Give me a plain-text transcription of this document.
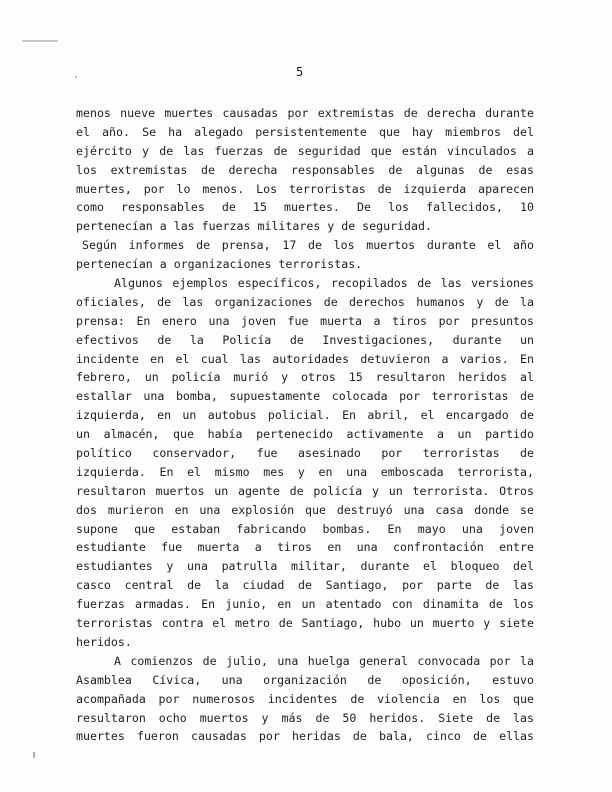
5
menos nueve muertes causadas por extremistas de derecha durante
el año. Se ha alegado persistentemente que hay miembros del
ejército y de las fuerzas de seguridad que están vinculados a
los extremistas de derecha responsables de algunas de esas
muertes, por lo menos. Los terroristas de izquierda aparecen
como responsables de 15 muertes. De los fallecidos, 10
pertenecían a las fuerzas militares y de seguridad.
Según informes de prensa, 17 de los muertos durante el año
pertenecían a organizaciones terroristas.
Algunos ejemplos específicos, recopilados de las versiones
oficiales, de las organizaciones de derechos humanos y de la
prensa: En enero una joven fue muerta a tiros por presuntos
efectivos de la Policía de Investigaciones, durante un
incidente en el cual las autoridades detuvieron a varios. En
febrero, un policía murió y otros 15 resultaron heridos al
estallar una bomba, supuestamente colocada por terroristas de
izquierda, en un autobus policial. En abril, el encargado de
un almacén, que había pertenecido activamente a un partido
político conservador, fue asesinado por terroristas de
izquierda. En el mismo mes y en una emboscada terrorista,
resultaron muertos un agente de policía y un terrorista. Otros
dos murieron en una explosión que destruyó una casa donde se
supone que estaban fabricando bombas. En mayo una joven
estudiante fue muerta a tiros en una confrontación entre
estudiantes y una patrulla militar, durante el bloqueo del
casco central de la ciudad de Santiago, por parte de las
fuerzas armadas. En junio, en un atentado con dinamita de los
terroristas contra el metro de Santiago, hubo un muerto y siete
heridos.
A comienzos de julio, una huelga general convocada por la
Asamblea Cívica, una organización de oposición, estuvo
acompañada por numerosos incidentes de violencia en los que
resultaron ocho muertos y más de 50 heridos. Siete de las
muertes fueron causadas por heridas de bala, cinco de ellas
